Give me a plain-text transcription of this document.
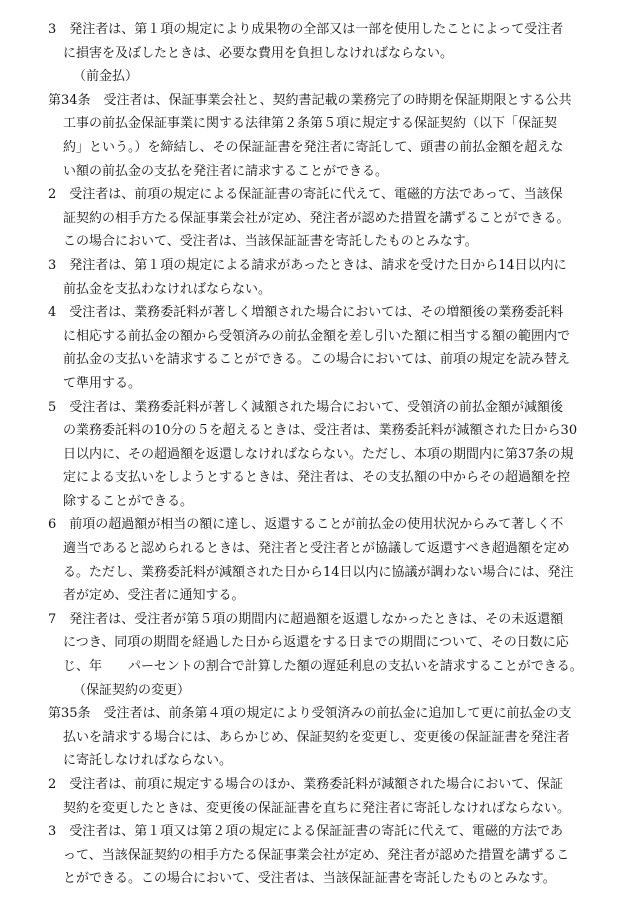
3　発注者は、第１項の規定により成果物の全部又は一部を使用したことによって受注者
に損害を及ぼしたときは、必要な費用を負担しなければならない。
（前金払）
第34条　受注者は、保証事業会社と、契約書記載の業務完了の時期を保証期限とする公共
工事の前払金保証事業に関する法律第２条第５項に規定する保証契約（以下「保証契
約」という。）を締結し、その保証証書を発注者に寄託して、頭書の前払金額を超えな
い額の前払金の支払を発注者に請求することができる。
2　受注者は、前項の規定による保証証書の寄託に代えて、電磁的方法であって、当該保
証契約の相手方たる保証事業会社が定め、発注者が認めた措置を講ずることができる。
この場合において、受注者は、当該保証証書を寄託したものとみなす。
3　発注者は、第１項の規定による請求があったときは、請求を受けた日から14日以内に
前払金を支払わなければならない。
4　受注者は、業務委託料が著しく増額された場合においては、その増額後の業務委託料
に相応する前払金の額から受領済みの前払金額を差し引いた額に相当する額の範囲内で
前払金の支払いを請求することができる。この場合においては、前項の規定を読み替え
て準用する。
5　受注者は、業務委託料が著しく減額された場合において、受領済の前払金額が減額後
の業務委託料の10分の５を超えるときは、受注者は、業務委託料が減額された日から30
日以内に、その超過額を返還しなければならない。ただし、本項の期間内に第37条の規
定による支払いをしようとするときは、発注者は、その支払額の中からその超過額を控
除することができる。
6　前項の超過額が相当の額に達し、返還することが前払金の使用状況からみて著しく不
適当であると認められるときは、発注者と受注者とが協議して返還すべき超過額を定め
る。ただし、業務委託料が減額された日から14日以内に協議が調わない場合には、発注
者が定め、受注者に通知する。
7　発注者は、受注者が第５項の期間内に超過額を返還しなかったときは、その未返還額
につき、同項の期間を経過した日から返還をする日までの期間について、その日数に応
じ、年　　パーセントの割合で計算した額の遅延利息の支払いを請求することができる。
（保証契約の変更）
第35条　受注者は、前条第４項の規定により受領済みの前払金に追加して更に前払金の支
払いを請求する場合には、あらかじめ、保証契約を変更し、変更後の保証証書を発注者
に寄託しなければならない。
2　受注者は、前項に規定する場合のほか、業務委託料が減額された場合において、保証
契約を変更したときは、変更後の保証証書を直ちに発注者に寄託しなければならない。
3　受注者は、第１項又は第２項の規定による保証証書の寄託に代えて、電磁的方法であ
って、当該保証契約の相手方たる保証事業会社が定め、発注者が認めた措置を講ずるこ
とができる。この場合において、受注者は、当該保証証書を寄託したものとみなす。
